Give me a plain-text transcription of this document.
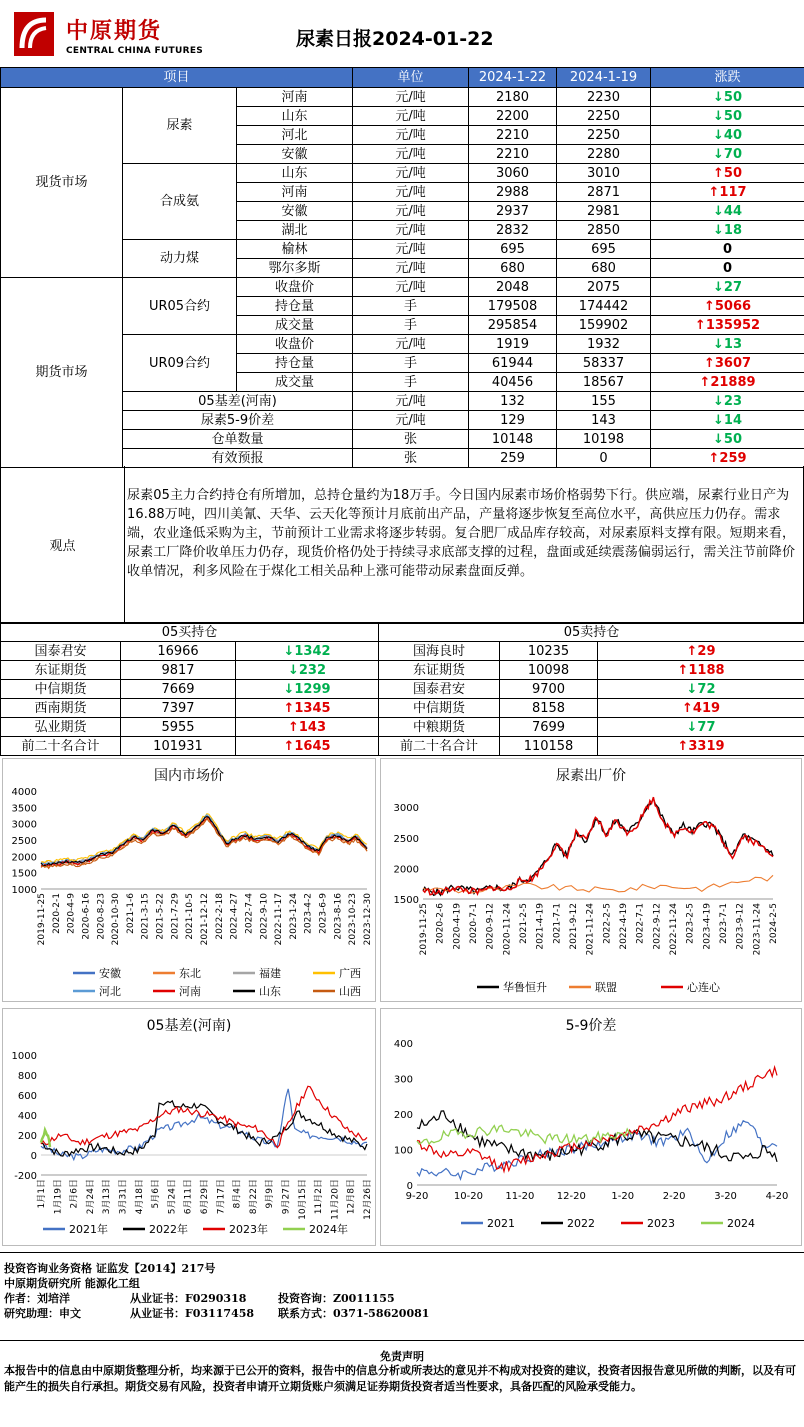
中原期货
CENTRAL CHINA FUTURES
尿素日报2024-01-22
项目			单位	2024-1-22	2024-1-19	涨跌
现货市场	尿素	河南	元/吨	2180	2230	↓50
		山东	元/吨	2200	2250	↓50
		河北	元/吨	2210	2250	↓40
		安徽	元/吨	2210	2280	↓70
	合成氨	山东	元/吨	3060	3010	↑50
		河南	元/吨	2988	2871	↑117
		安徽	元/吨	2937	2981	↓44
		湖北	元/吨	2832	2850	↓18
	动力煤	榆林	元/吨	695	695	0
		鄂尔多斯	元/吨	680	680	0
期货市场	UR05合约	收盘价	元/吨	2048	2075	↓27
		持仓量	手	179508	174442	↑5066
		成交量	手	295854	159902	↑135952
	UR09合约	收盘价	元/吨	1919	1932	↓13
		持仓量	手	61944	58337	↑3607
		成交量	手	40456	18567	↑21889
	05基差(河南)		元/吨	132	155	↓23
	尿素5-9价差		元/吨	129	143	↓14
	仓单数量		张	10148	10198	↓50
	有效预报		张	259	0	↑259
观点
尿素05主力合约持仓有所增加，总持仓量约为18万手。今日国内尿素市场价格弱势下行。供应端，尿素行业日产为16.88万吨，四川美氰、天华、云天化等预计月底前出产品，产量将逐步恢复至高位水平，高供应压力仍存。需求端，农业逢低采购为主，节前预计工业需求将逐步转弱。复合肥厂成品库存较高，对尿素原料支撑有限。短期来看，尿素工厂降价收单压力仍存，现货价格仍处于持续寻求底部支撑的过程，盘面或延续震荡偏弱运行，需关注节前降价收单情况，利多风险在于煤化工相关品种上涨可能带动尿素盘面反弹。
05买持仓			05卖持仓		
国泰君安	16966	↓1342	国海良时	10235	↑29
东证期货	9817	↓232	东证期货	10098	↑1188
中信期货	7669	↓1299	国泰君安	9700	↓72
西南期货	7397	↑1345	中信期货	8158	↑419
弘业期货	5955	↑143	中粮期货	7699	↓77
前二十名合计	101931	↑1645	前二十名合计	110158	↑3319
国内市场价
4000
3500
3000
2500
2000
1500
1000
2019-11-25 2020-2-1 2020-4-9 2020-6-16 2020-8-23 2020-10-30 2021-1-6 2021-3-15 2021-5-22 2021-7-29 2021-10-5 2021-12-12 2022-2-18 2022-4-27 2022-7-4 2022-9-10 2022-11-17 2023-1-24 2023-4-2 2023-6-9 2023-8-16 2023-10-23 2023-12-30
安徽	东北	福建	广西
河北	河南	山东	山西
尿素出厂价
3000
2500
2000
1500
2019-11-25 2020-2-6 2020-4-19 2020-7-1 2020-9-12 2020-11-24 2021-2-5 2021-4-19 2021-7-1 2021-9-12 2021-11-24 2022-2-5 2022-4-19 2022-7-1 2022-9-12 2022-11-24 2023-2-5 2023-4-19 2023-7-1 2023-9-12 2023-11-24 2024-2-5
华鲁恒升	联盟	心连心
05基差(河南)
1000
800
600
400
200
0
-200
1月1日 1月19日 2月6日 2月24日 3月13日 3月31日 4月18日 5月6日 5月24日 6月11日 6月29日 7月17日 8月4日 8月22日 9月9日 9月27日 10月15日 11月2日 11月20日 12月8日 12月26日
2021年	2022年	2023年	2024年
5-9价差
400
300
200
100
0
9-20	10-20 11-20 12-20	1-20	2-20	3-20	4-20
2021	2022	2023	2024
投资咨询业务资格 证监发【2014】217号
中原期货研究所 能源化工组
作者：刘培洋	从业证书：F0290318	投资咨询：Z0011155
研究助理：申文	从业证书：F03117458 联系方式：0371-58620081
免责声明
本报告中的信息由中原期货整理分析，均来源于已公开的资料，报告中的信息分析或所表达的意见并不构成对投资的建议，投资者因报告意见所做的判断，以及有可能产生的损失自行承担。期货交易有风险，投资者申请开立期货账户须满足证券期货投资者适当性要求，具备匹配的风险承受能力。
